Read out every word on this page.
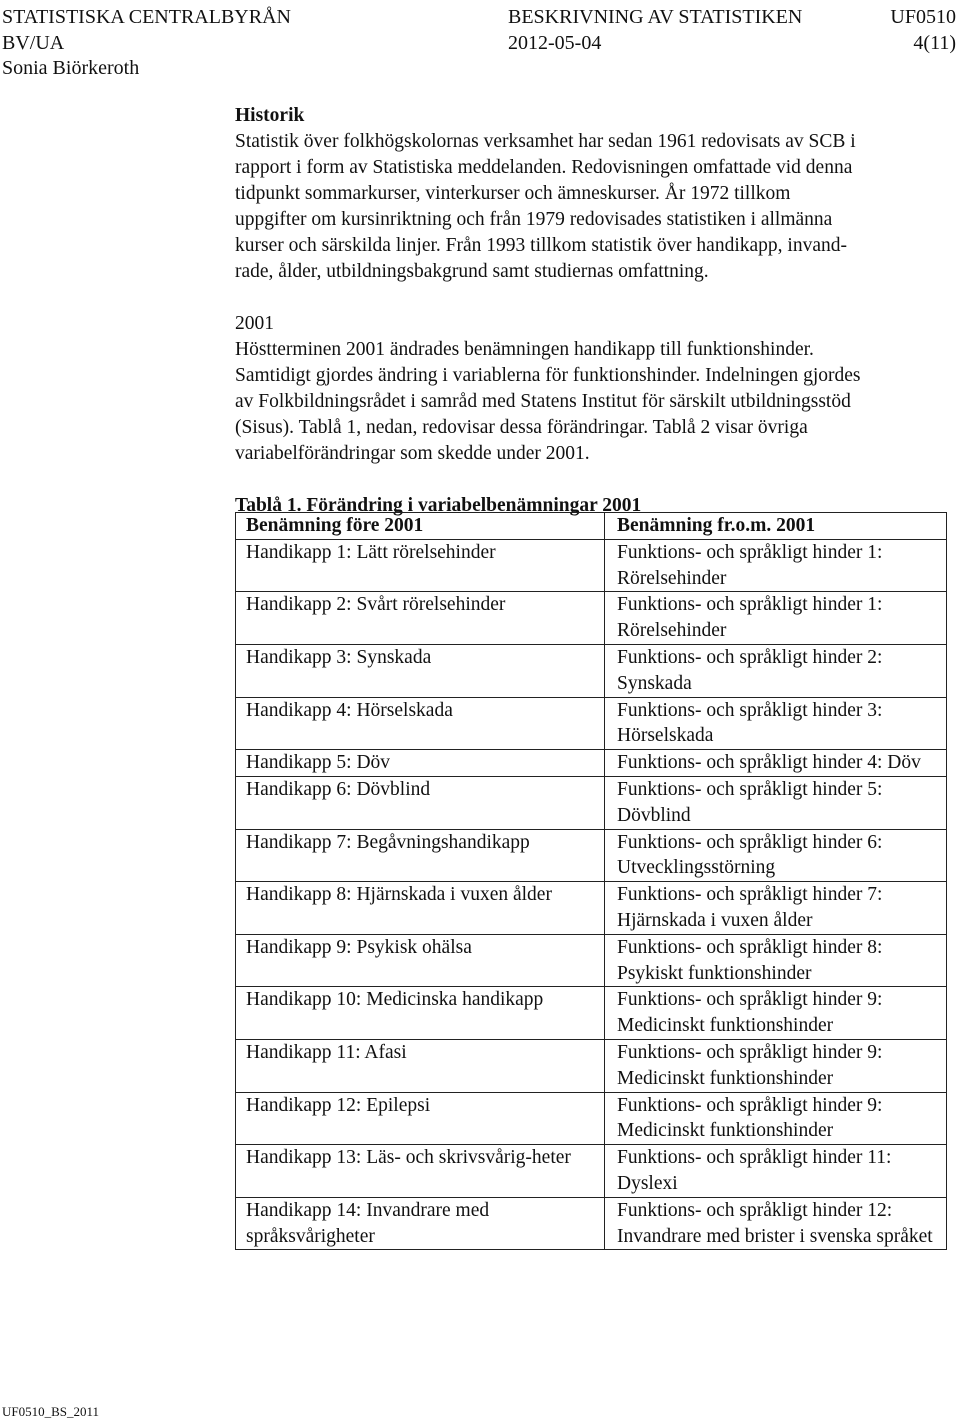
STATISTISKA CENTRALBYRÅN	BESKRIVNING AV STATISTIKEN	UF0510
BV/UA	2012-05-04	4(11)
Sonia Biörkeroth
Historik
Statistik över folkhögskolornas verksamhet har sedan 1961 redovisats av SCB i
rapport i form av Statistiska meddelanden. Redovisningen omfattade vid denna
tidpunkt sommarkurser, vinterkurser och ämneskurser. År 1972 tillkom
uppgifter om kursinriktning och från 1979 redovisades statistiken i allmänna
kurser och särskilda linjer. Från 1993 tillkom statistik över handikapp, invand-
rade, ålder, utbildningsbakgrund samt studiernas omfattning.
2001
Höstterminen 2001 ändrades benämningen handikapp till funktionshinder.
Samtidigt gjordes ändring i variablerna för funktionshinder. Indelningen gjordes
av Folkbildningsrådet i samråd med Statens Institut för särskilt utbildningsstöd
(Sisus). Tablå 1, nedan, redovisar dessa förändringar. Tablå 2 visar övriga
variabelförändringar som skedde under 2001.
Tablå 1. Förändring i variabelbenämningar 2001
Benämning före 2001	Benämning fr.o.m. 2001
Handikapp 1: Lätt rörelsehinder	Funktions- och språkligt hinder 1: Rörelsehinder
Handikapp 2: Svårt rörelsehinder	Funktions- och språkligt hinder 1: Rörelsehinder
Handikapp 3: Synskada	Funktions- och språkligt hinder 2: Synskada
Handikapp 4: Hörselskada	Funktions- och språkligt hinder 3: Hörselskada
Handikapp 5: Döv	Funktions- och språkligt hinder 4: Döv
Handikapp 6: Dövblind	Funktions- och språkligt hinder 5: Dövblind
Handikapp 7: Begåvningshandikapp	Funktions- och språkligt hinder 6: Utvecklingsstörning
Handikapp 8: Hjärnskada i vuxen ålder	Funktions- och språkligt hinder 7: Hjärnskada i vuxen ålder
Handikapp 9: Psykisk ohälsa	Funktions- och språkligt hinder 8: Psykiskt funktionshinder
Handikapp 10: Medicinska handikapp	Funktions- och språkligt hinder 9: Medicinskt funktionshinder
Handikapp 11: Afasi	Funktions- och språkligt hinder 9: Medicinskt funktionshinder
Handikapp 12: Epilepsi	Funktions- och språkligt hinder 9: Medicinskt funktionshinder
Handikapp 13: Läs- och skrivsvårig-heter	Funktions- och språkligt hinder 11: Dyslexi
Handikapp 14: Invandrare med språksvårigheter	Funktions- och språkligt hinder 12: Invandrare med brister i svenska språket
UF0510_BS_2011
